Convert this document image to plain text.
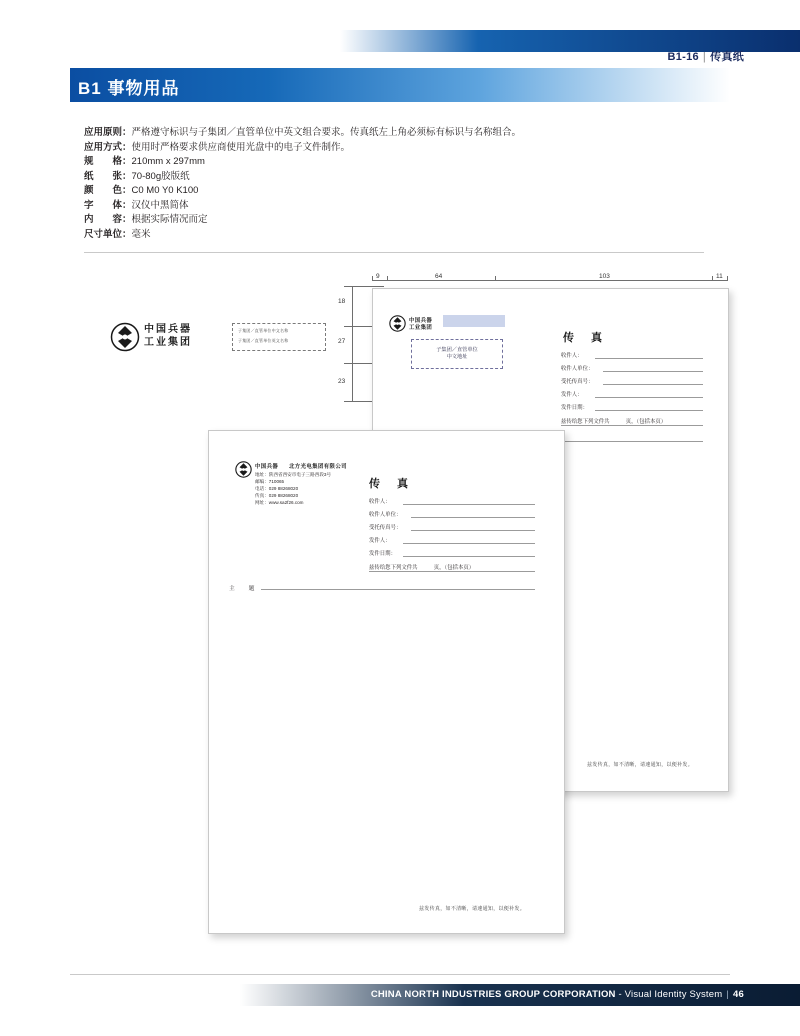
B1-16 | 传真纸
B1 事物用品
应用原则：严格遵守标识与子集团／直管单位中英文组合要求。传真纸左上角必须标有标识与名称组合。
应用方式：使用时严格要求供应商使用光盘中的电子文件制作。
规　　格：210mm x 297mm
纸　　张：70-80g胶版纸
颜　　色：C0 M0 Y0 K100
字　　体：汉仪中黑简体
内　　容：根据实际情况而定
尺寸单位：毫米
9	64	103	11
18
27
23
中国兵器
工业集团
子集团／直管单位中文名称
子集团／直管单位英文名称
中国兵器
工业集团
子集团／直管单位
中文地址
传　真
收件人：
收件人单位：
受托传真号：
发件人：
发件日期：
兹传给您下列文件共　　　页，（包括本页）
兹发传真，如不清晰，请速通知，以便补发。
中国兵器 北方光电集团有限公司
地址：陕西省西安市电子三路西段3号
邮编：710065
电话：029 88268020
传真：029 88268020
网址：www.sa2f26.com
传　真
收件人：
收件人单位：
受托传真号：
发件人：
发件日期：
兹传给您下列文件共　　　页，（包括本页）
主　题
兹发传真，如不清晰，请速通知，以便补发。
CHINA NORTH INDUSTRIES GROUP CORPORATION - Visual Identity System | 46
